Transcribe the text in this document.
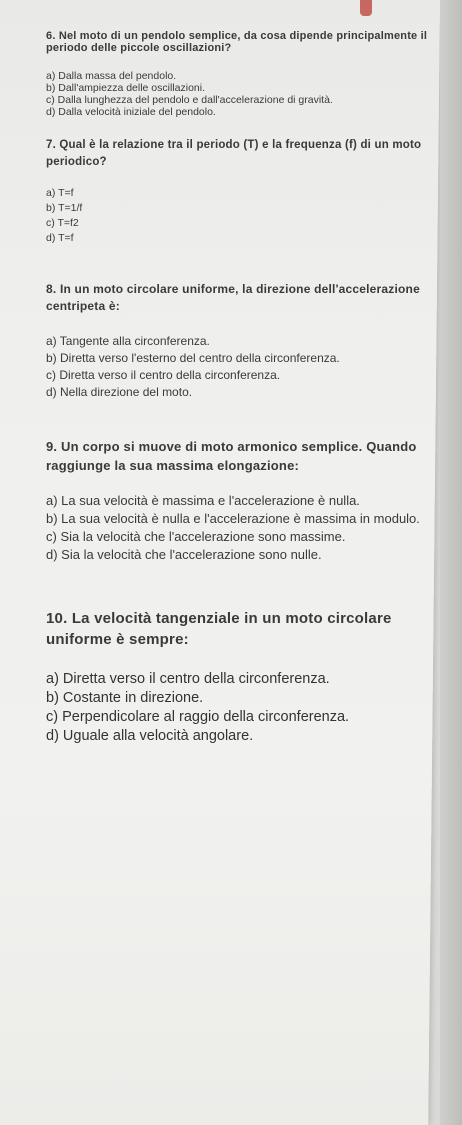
6. Nel moto di un pendolo semplice, da cosa dipende principalmente il periodo delle piccole oscillazioni?
a) Dalla massa del pendolo.
b) Dall'ampiezza delle oscillazioni.
c) Dalla lunghezza del pendolo e dall'accelerazione di gravità.
d) Dalla velocità iniziale del pendolo.
7. Qual è la relazione tra il periodo (T) e la frequenza (f) di un moto periodico?
a) T=f
b) T=1/f
c) T=f2
d) T=f
8. In un moto circolare uniforme, la direzione dell'accelerazione centripeta è:
a) Tangente alla circonferenza.
b) Diretta verso l'esterno del centro della circonferenza.
c) Diretta verso il centro della circonferenza.
d) Nella direzione del moto.
9. Un corpo si muove di moto armonico semplice. Quando raggiunge la sua massima elongazione:
a) La sua velocità è massima e l'accelerazione è nulla.
b) La sua velocità è nulla e l'accelerazione è massima in modulo.
c) Sia la velocità che l'accelerazione sono massime.
d) Sia la velocità che l'accelerazione sono nulle.
10. La velocità tangenziale in un moto circolare uniforme è sempre:
a) Diretta verso il centro della circonferenza.
b) Costante in direzione.
c) Perpendicolare al raggio della circonferenza.
d) Uguale alla velocità angolare.
